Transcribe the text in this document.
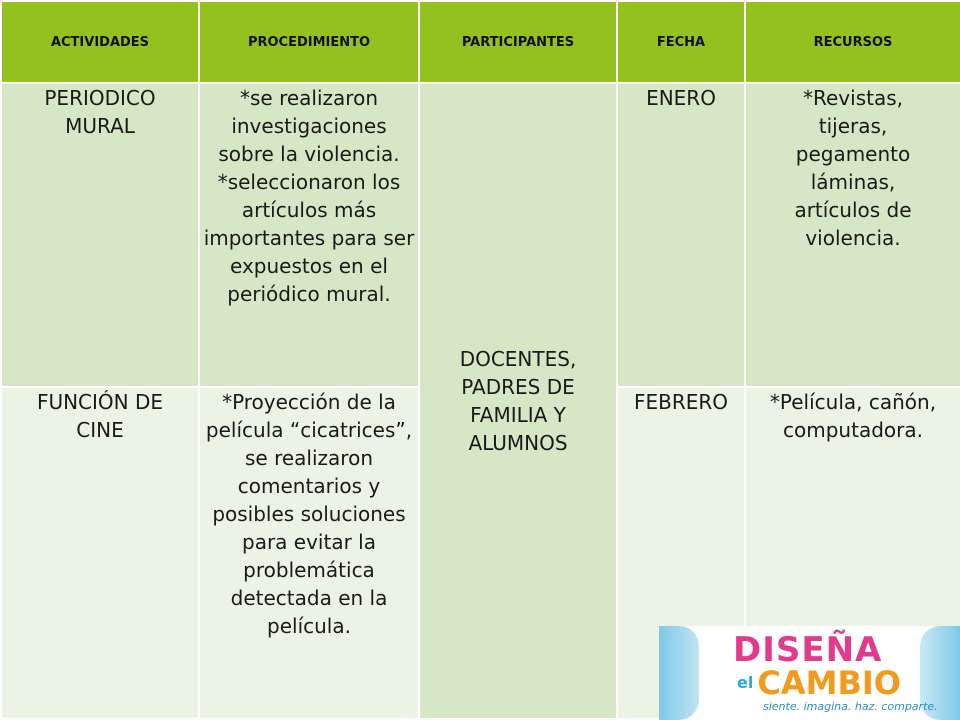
ACTIVIDADES	PROCEDIMIENTO	PARTICIPANTES	FECHA	RECURSOS
PERIODICO MURAL	*se realizaron investigaciones sobre la violencia. *seleccionaron los artículos más importantes para ser expuestos en el periódico mural.	DOCENTES, PADRES DE FAMILIA Y ALUMNOS	ENERO	*Revistas, tijeras, pegamento láminas, artículos de violencia.
FUNCIÓN DE CINE	*Proyección de la película “cicatrices”, se realizaron comentarios y posibles soluciones para evitar la problemática detectada en la película.		FEBRERO	*Película, cañón, computadora.
DISEÑA
el CAMBIO
siente. imagina. haz. comparte.
